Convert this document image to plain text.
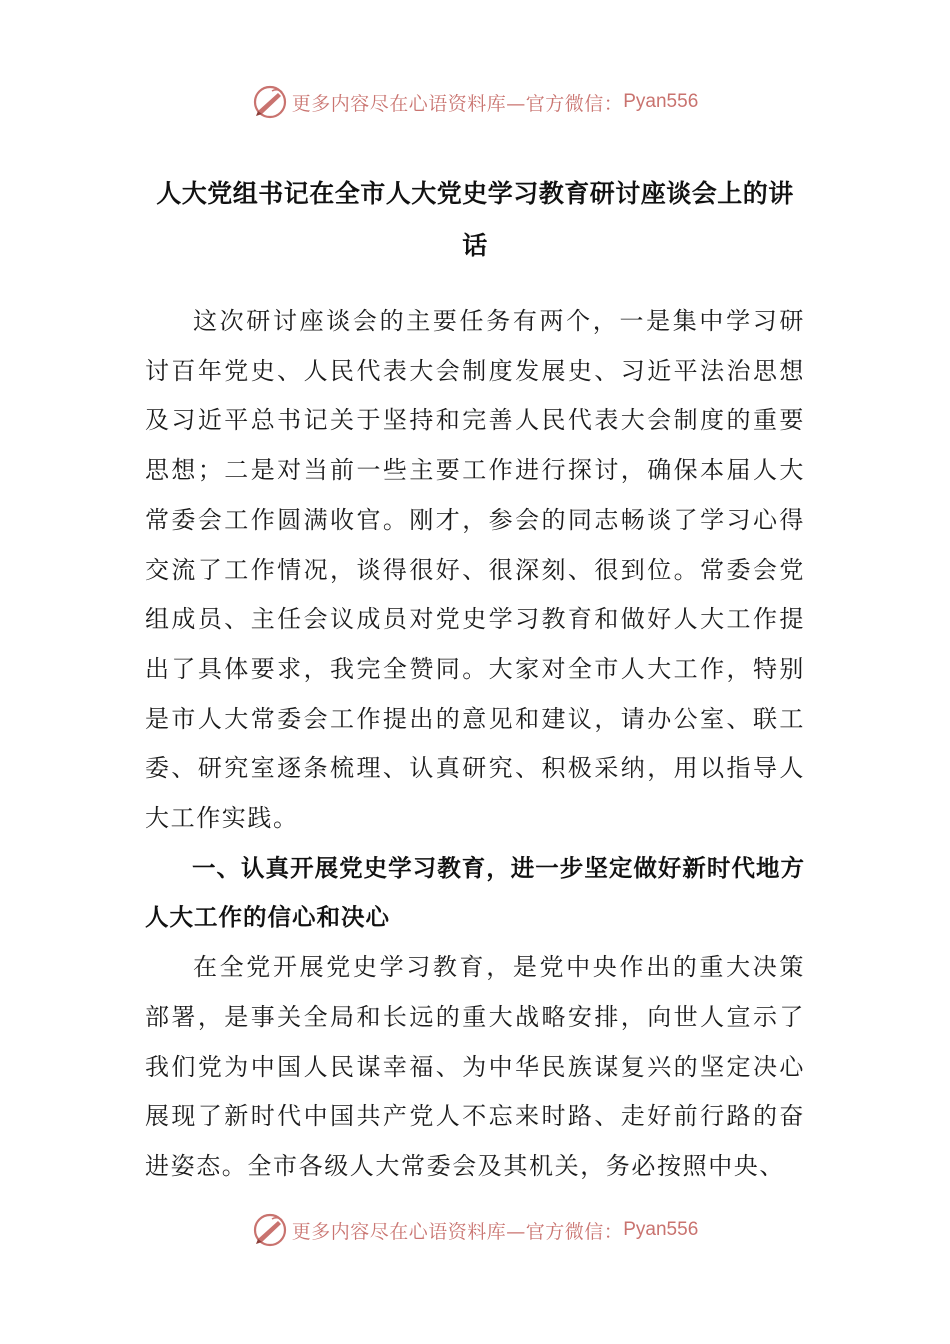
更多内容尽在心语资料库—官方微信： Pyan556
人大党组书记在全市人大党史学习教育研讨座谈会上的讲话

这次研讨座谈会的主要任务有两个，一是集中学习研讨百年党史、人民代表大会制度发展史、习近平法治思想及习近平总书记关于坚持和完善人民代表大会制度的重要思想；二是对当前一些主要工作进行探讨，确保本届人大常委会工作圆满收官。刚才，参会的同志畅谈了学习心得交流了工作情况，谈得很好、很深刻、很到位。常委会党组成员、主任会议成员对党史学习教育和做好人大工作提出了具体要求，我完全赞同。大家对全市人大工作，特别是市人大常委会工作提出的意见和建议，请办公室、联工委、研究室逐条梳理、认真研究、积极采纳，用以指导人大工作实践。

一、认真开展党史学习教育，进一步坚定做好新时代地方人大工作的信心和决心

在全党开展党史学习教育，是党中央作出的重大决策部署，是事关全局和长远的重大战略安排，向世人宣示了我们党为中国人民谋幸福、为中华民族谋复兴的坚定决心展现了新时代中国共产党人不忘来时路、走好前行路的奋进姿态。全市各级人大常委会及其机关，务必按照中央、

更多内容尽在心语资料库—官方微信： Pyan556
